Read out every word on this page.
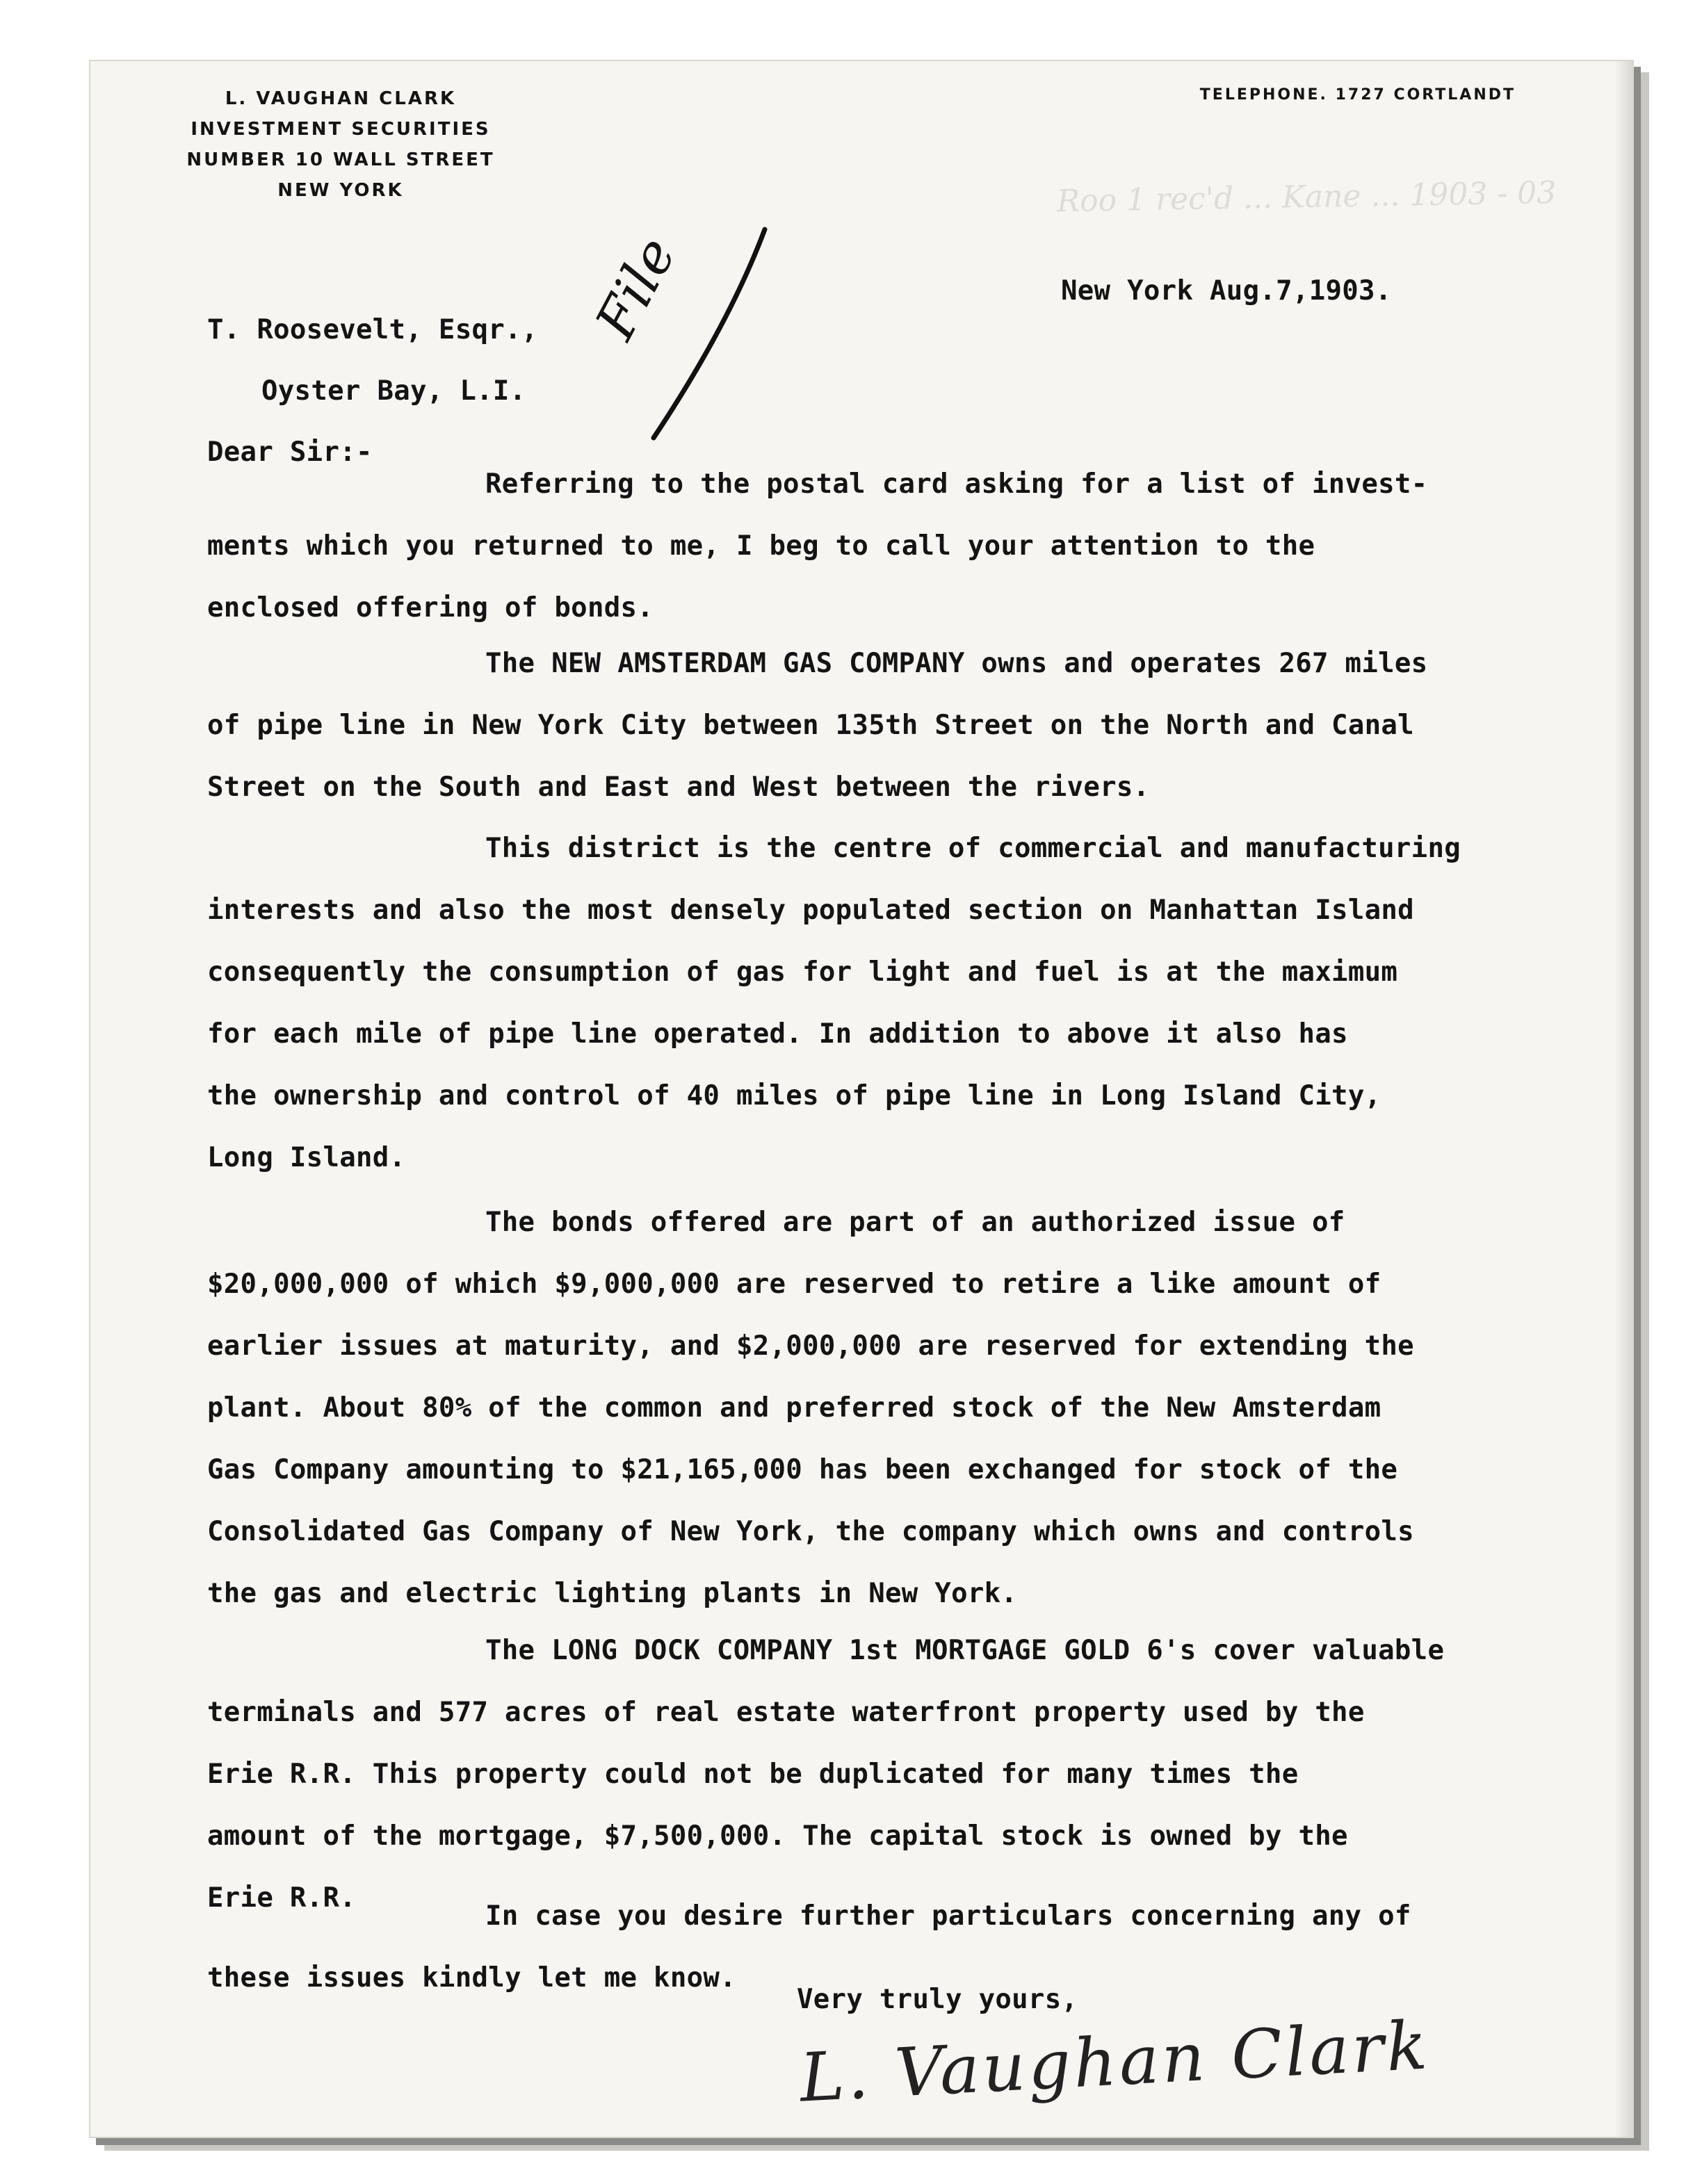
L. VAUGHAN CLARK
INVESTMENT SECURITIES
NUMBER 10 WALL STREET
NEW YORK
TELEPHONE. 1727 CORTLANDT
Roo 1 rec'd ... Kane ... 1903 - 03
File	New York Aug.7,1903.
T. Roosevelt, Esqr.,
Oyster Bay, L.I.
Dear Sir:-
Referring to the postal card asking for a list of invest-
ments which you returned to me, I beg to call your attention to the
enclosed offering of bonds.
The NEW AMSTERDAM GAS COMPANY owns and operates 267 miles
of pipe line in New York City between 135th Street on the North and Canal
Street on the South and East and West between the rivers.
This district is the centre of commercial and manufacturing
interests and also the most densely populated section on Manhattan Island
consequently the consumption of gas for light and fuel is at the maximum
for each mile of pipe line operated. In addition to above it also has
the ownership and control of 40 miles of pipe line in Long Island City,
Long Island.
The bonds offered are part of an authorized issue of
$20,000,000 of which $9,000,000 are reserved to retire a like amount of
earlier issues at maturity, and $2,000,000 are reserved for extending the
plant. About 80% of the common and preferred stock of the New Amsterdam
Gas Company amounting to $21,165,000 has been exchanged for stock of the
Consolidated Gas Company of New York, the company which owns and controls
the gas and electric lighting plants in New York.
The LONG DOCK COMPANY 1st MORTGAGE GOLD 6's cover valuable
terminals and 577 acres of real estate waterfront property used by the
Erie R.R. This property could not be duplicated for many times the
amount of the mortgage, $7,500,000. The capital stock is owned by the
Erie R.R.
In case you desire further particulars concerning any of
these issues kindly let me know.
Very truly yours,
L. Vaughan Clark
